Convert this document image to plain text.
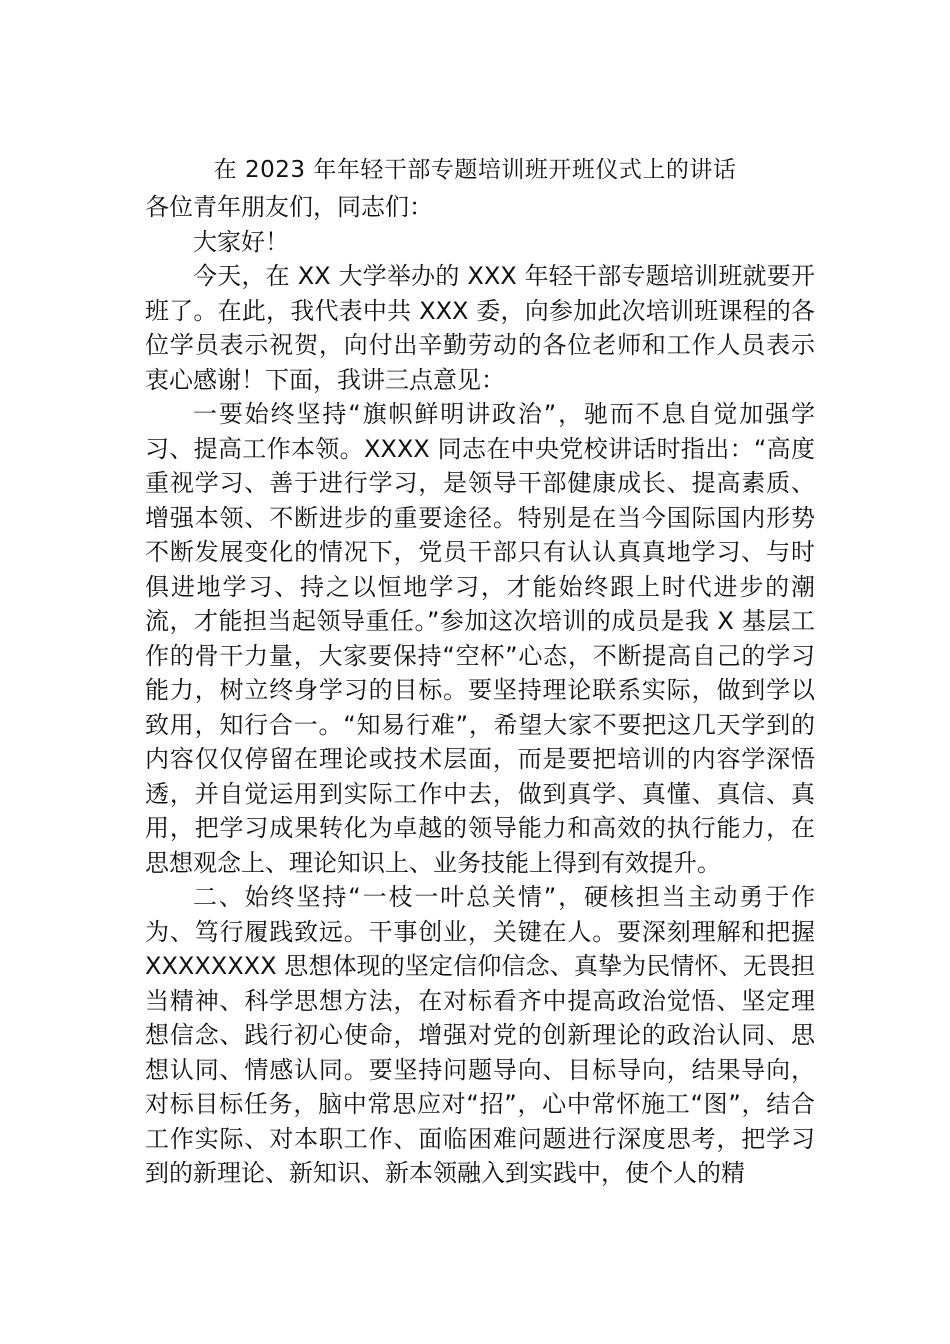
在 2023 年年轻干部专题培训班开班仪式上的讲话

各位青年朋友们，同志们：

大家好！

今天，在 XX 大学举办的 XXX 年轻干部专题培训班就要开班了。在此，我代表中共 XXX 委，向参加此次培训班课程的各位学员表示祝贺，向付出辛勤劳动的各位老师和工作人员表示衷心感谢！下面，我讲三点意见：

一要始终坚持“旗帜鲜明讲政治”，驰而不息自觉加强学习、提高工作本领。XXXX 同志在中央党校讲话时指出：“高度重视学习、善于进行学习，是领导干部健康成长、提高素质、增强本领、不断进步的重要途径。特别是在当今国际国内形势不断发展变化的情况下，党员干部只有认认真真地学习、与时俱进地学习、持之以恒地学习，才能始终跟上时代进步的潮流，才能担当起领导重任。”参加这次培训的成员是我 X 基层工作的骨干力量，大家要保持“空杯”心态，不断提高自己的学习能力，树立终身学习的目标。要坚持理论联系实际，做到学以致用，知行合一。“知易行难”，希望大家不要把这几天学到的内容仅仅停留在理论或技术层面，而是要把培训的内容学深悟透，并自觉运用到实际工作中去，做到真学、真懂、真信、真用，把学习成果转化为卓越的领导能力和高效的执行能力，在思想观念上、理论知识上、业务技能上得到有效提升。

二、始终坚持“一枝一叶总关情”，硬核担当主动勇于作为、笃行履践致远。干事创业，关键在人。要深刻理解和把握 XXXXXXXX 思想体现的坚定信仰信念、真挚为民情怀、无畏担当精神、科学思想方法，在对标看齐中提高政治觉悟、坚定理想信念、践行初心使命，增强对党的创新理论的政治认同、思想认同、情感认同。要坚持问题导向、目标导向，结果导向，对标目标任务，脑中常思应对“招”，心中常怀施工“图”，结合工作实际、对本职工作、面临困难问题进行深度思考，把学习到的新理论、新知识、新本领融入到实践中，使个人的精
